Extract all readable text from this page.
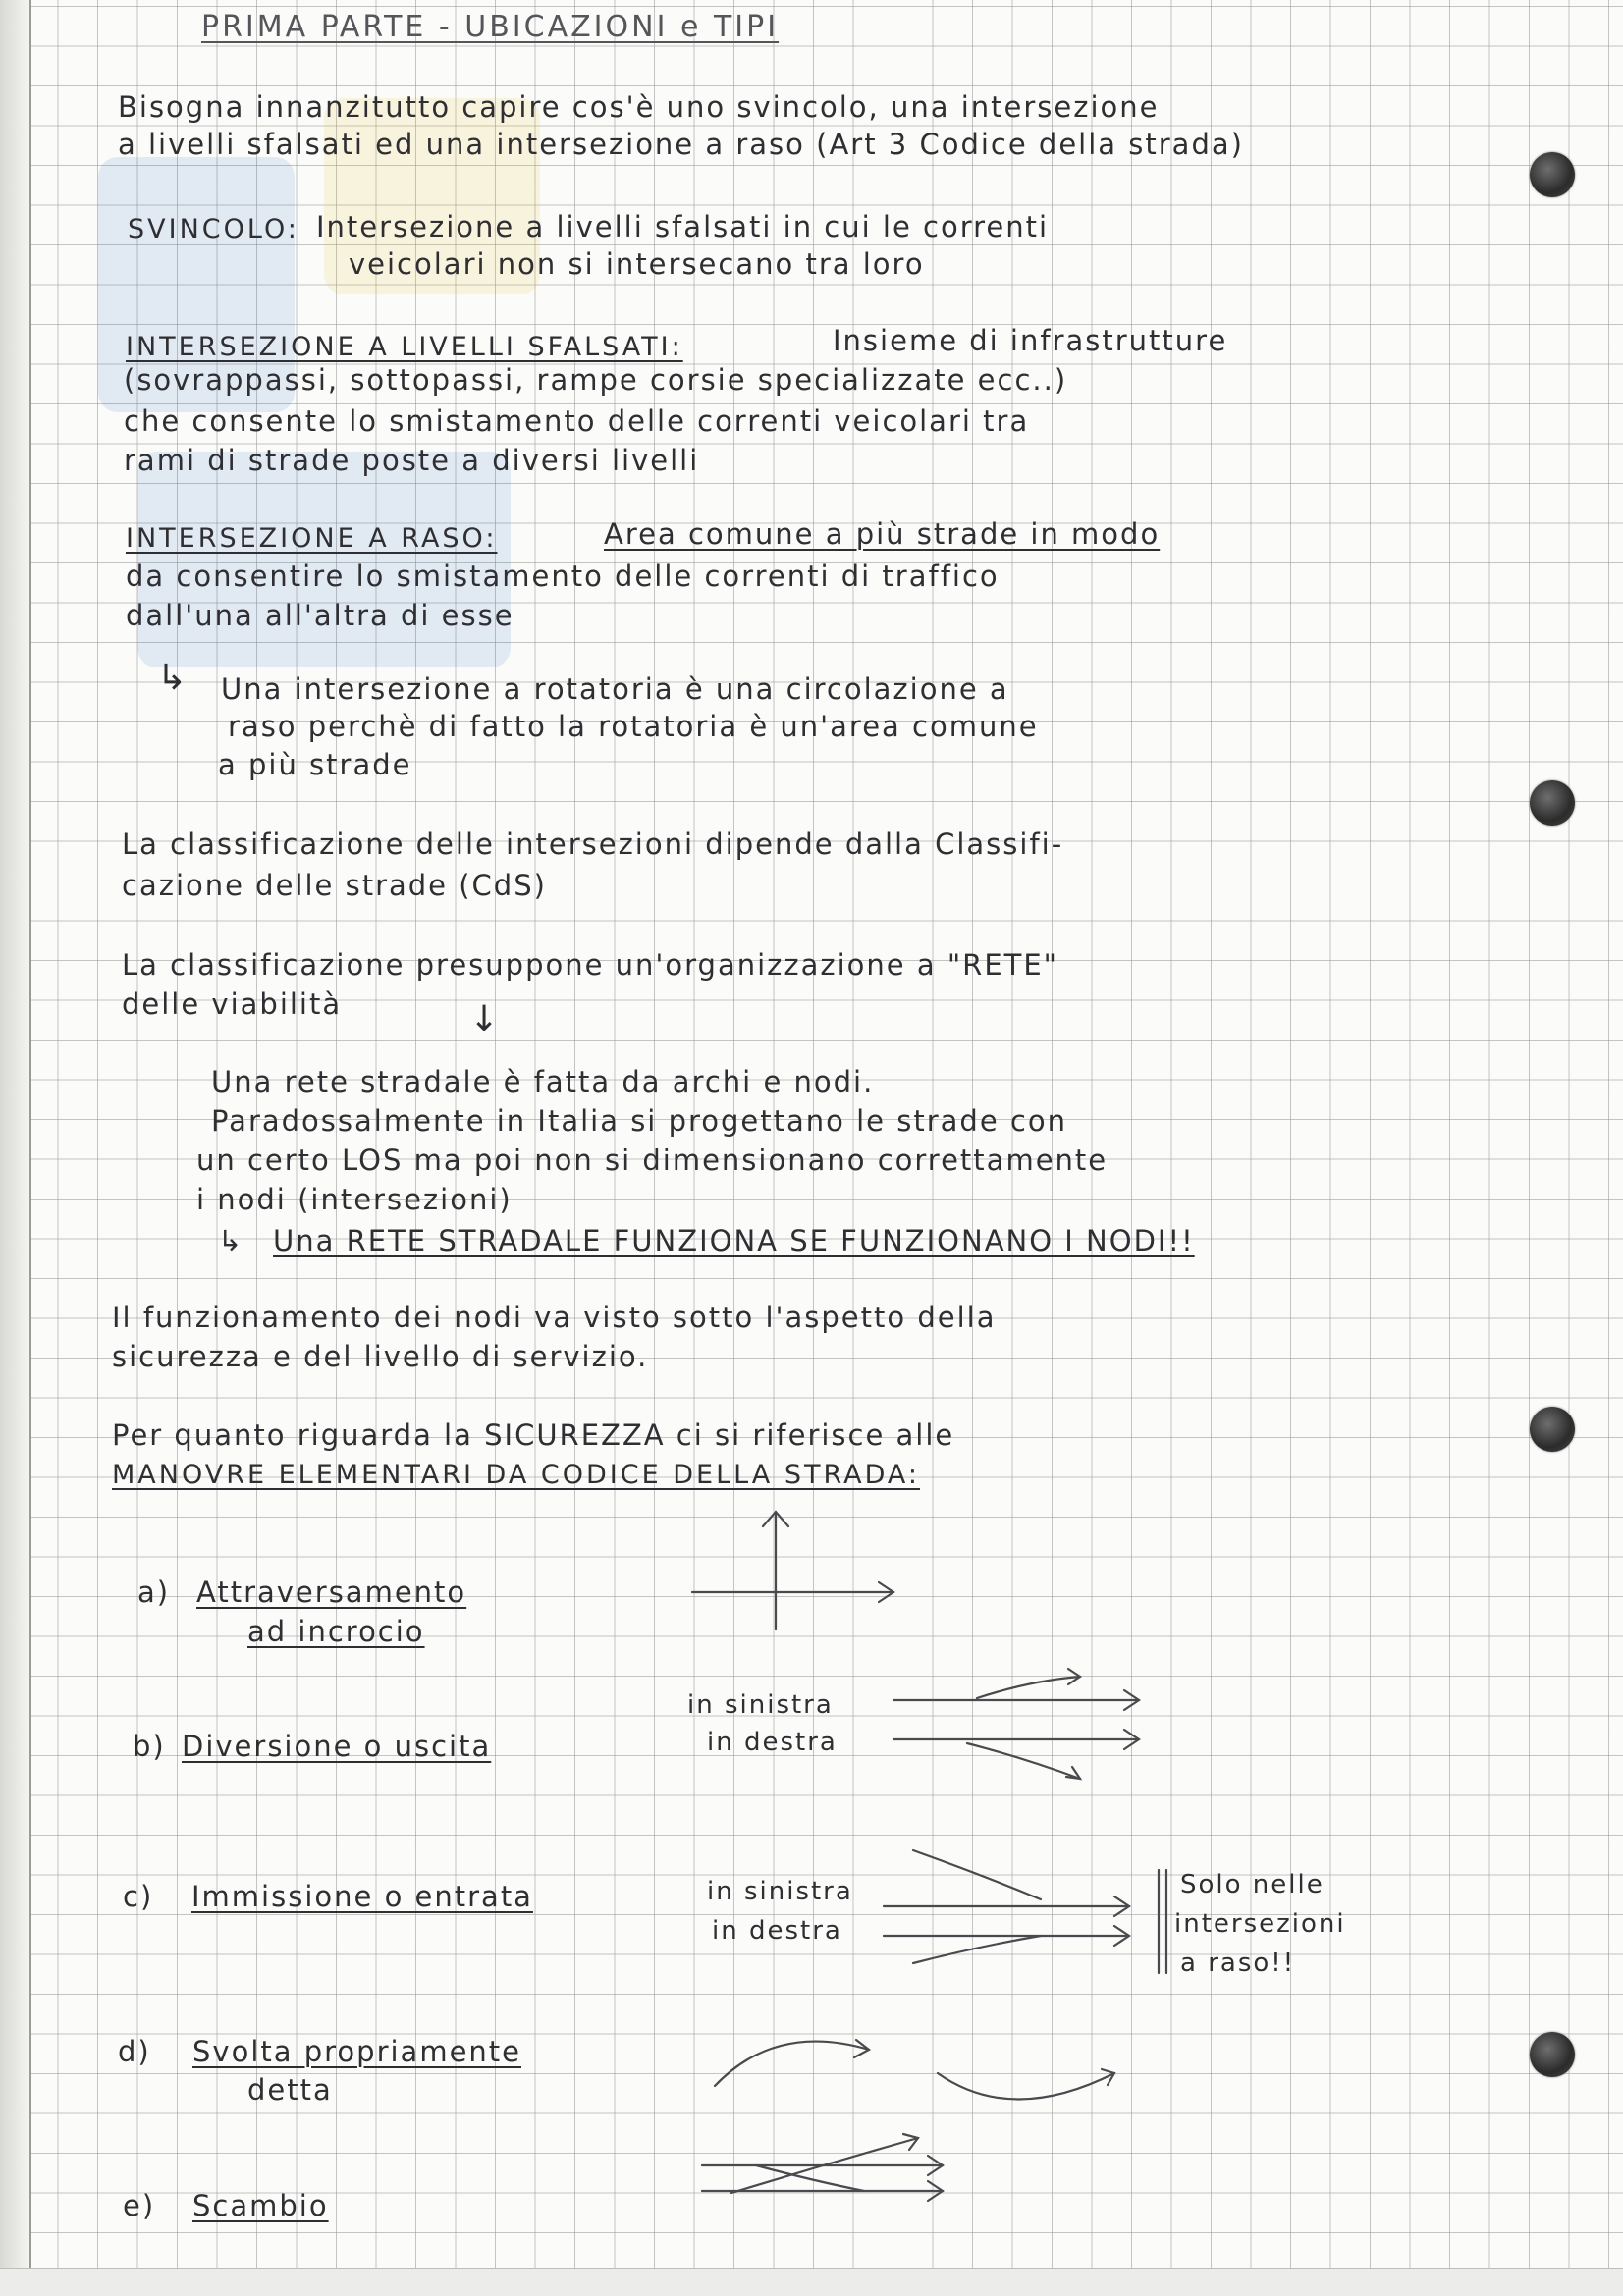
PRIMA PARTE - UBICAZIONI e TIPI
Bisogna innanzitutto capire cos'è uno svincolo, una intersezione
a livelli sfalsati ed una intersezione a raso (Art 3 Codice della strada)
SVINCOLO: Intersezione a livelli sfalsati in cui le correnti
veicolari non si intersecano tra loro
INTERSEZIONE A LIVELLI SFALSATI:	Insieme di infrastrutture
(sovrappassi, sottopassi, rampe corsie specializzate ecc..)
che consente lo smistamento delle correnti veicolari tra
rami di strade poste a diversi livelli
INTERSEZIONE A RASO:	Area comune a più strade in modo
da consentire lo smistamento delle correnti di traffico
dall'una all'altra di esse
↳ Una intersezione a rotatoria è una circolazione a
raso perchè di fatto la rotatoria è un'area comune
a più strade
La classificazione delle intersezioni dipende dalla Classifi-
cazione delle strade (CdS)
La classificazione presuppone un'organizzazione a "RETE"
delle viabilità	↓
Una rete stradale è fatta da archi e nodi.
Paradossalmente in Italia si progettano le strade con
un certo LOS ma poi non si dimensionano correttamente
i nodi (intersezioni)
↳ Una RETE STRADALE FUNZIONA SE FUNZIONANO I NODI!!
Il funzionamento dei nodi va visto sotto l'aspetto della
sicurezza e del livello di servizio.
Per quanto riguarda la SICUREZZA ci si riferisce alle
MANOVRE ELEMENTARI DA CODICE DELLA STRADA:
a) Attraversamento
ad incrocio
b) Diversione o uscita
in sinistra
in destra
c) Immissione o entrata	in sinistra
in destra
Solo nelle
intersezioni
a raso!!
d) Svolta propriamente
detta
e) Scambio
